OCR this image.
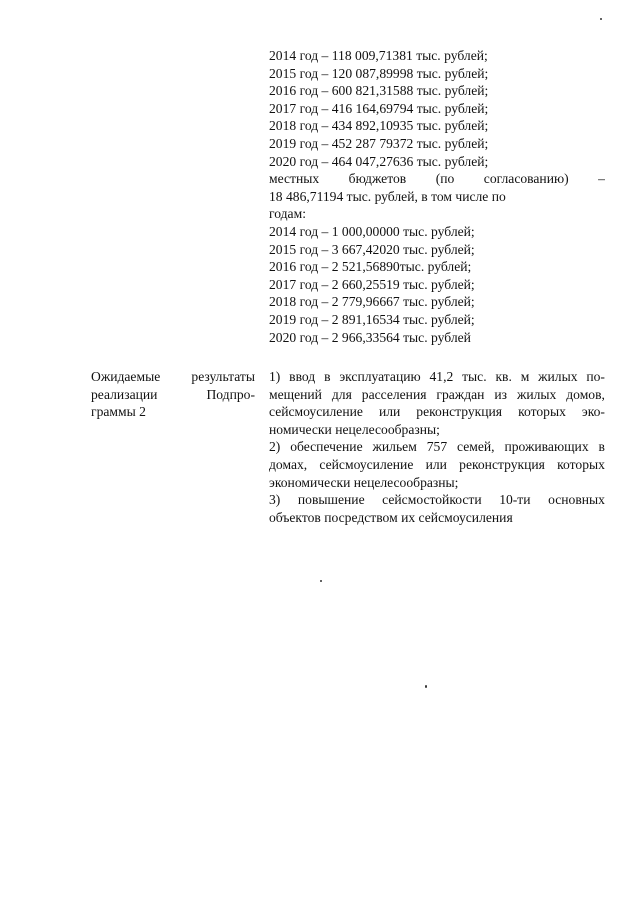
2014 год – 118 009,71381 тыс. рублей;
2015 год – 120 087,89998 тыс. рублей;
2016 год – 600 821,31588 тыс. рублей;
2017 год – 416 164,69794 тыс. рублей;
2018 год – 434 892,10935 тыс. рублей;
2019 год – 452 287 79372 тыс. рублей;
2020 год – 464 047,27636 тыс. рублей;
местных бюджетов (по согласованию) –
18 486,71194 тыс. рублей, в том числе по
годам:
2014 год – 1 000,00000 тыс. рублей;
2015 год – 3 667,42020 тыс. рублей;
2016 год – 2 521,56890тыс. рублей;
2017 год – 2 660,25519 тыс. рублей;
2018 год – 2 779,96667 тыс. рублей;
2019 год – 2 891,16534 тыс. рублей;
2020 год – 2 966,33564 тыс. рублей
Ожидаемые результаты
реализации	Подпро-
граммы 2
1) ввод в эксплуатацию 41,2 тыс. кв. м жилых по-
мещений для расселения граждан из жилых домов,
сейсмоусиление или реконструкция которых эко-
номически нецелесообразны;
2) обеспечение жильем 757 семей, проживающих в
домах, сейсмоусиление или реконструкция которых
экономически нецелесообразны;
3) повышение сейсмостойкости 10-ти основных
объектов посредством их сейсмоусиления
